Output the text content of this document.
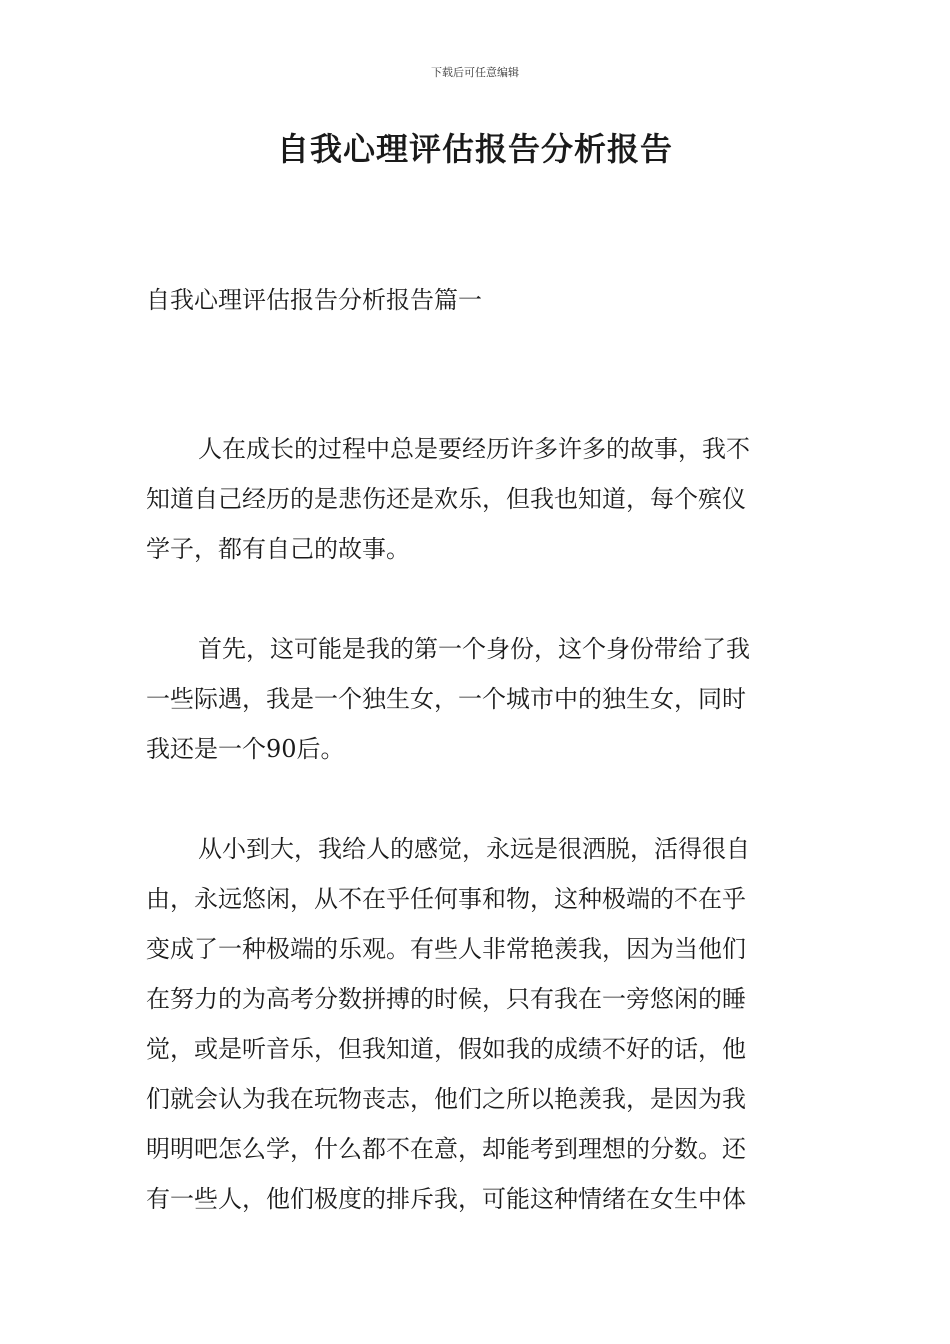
下载后可任意编辑
自我心理评估报告分析报告
自我心理评估报告分析报告篇一

人在成长的过程中总是要经历许多许多的故事，我不
知道自己经历的是悲伤还是欢乐，但我也知道，每个殡仪
学子，都有自己的故事。

首先，这可能是我的第一个身份，这个身份带给了我
一些际遇，我是一个独生女，一个城市中的独生女，同时
我还是一个90后。

从小到大，我给人的感觉，永远是很洒脱，活得很自
由，永远悠闲，从不在乎任何事和物，这种极端的不在乎
变成了一种极端的乐观。有些人非常艳羡我，因为当他们
在努力的为高考分数拼搏的时候，只有我在一旁悠闲的睡
觉，或是听音乐，但我知道，假如我的成绩不好的话，他
们就会认为我在玩物丧志，他们之所以艳羡我，是因为我
明明吧怎么学，什么都不在意，却能考到理想的分数。还
有一些人，他们极度的排斥我，可能这种情绪在女生中体
